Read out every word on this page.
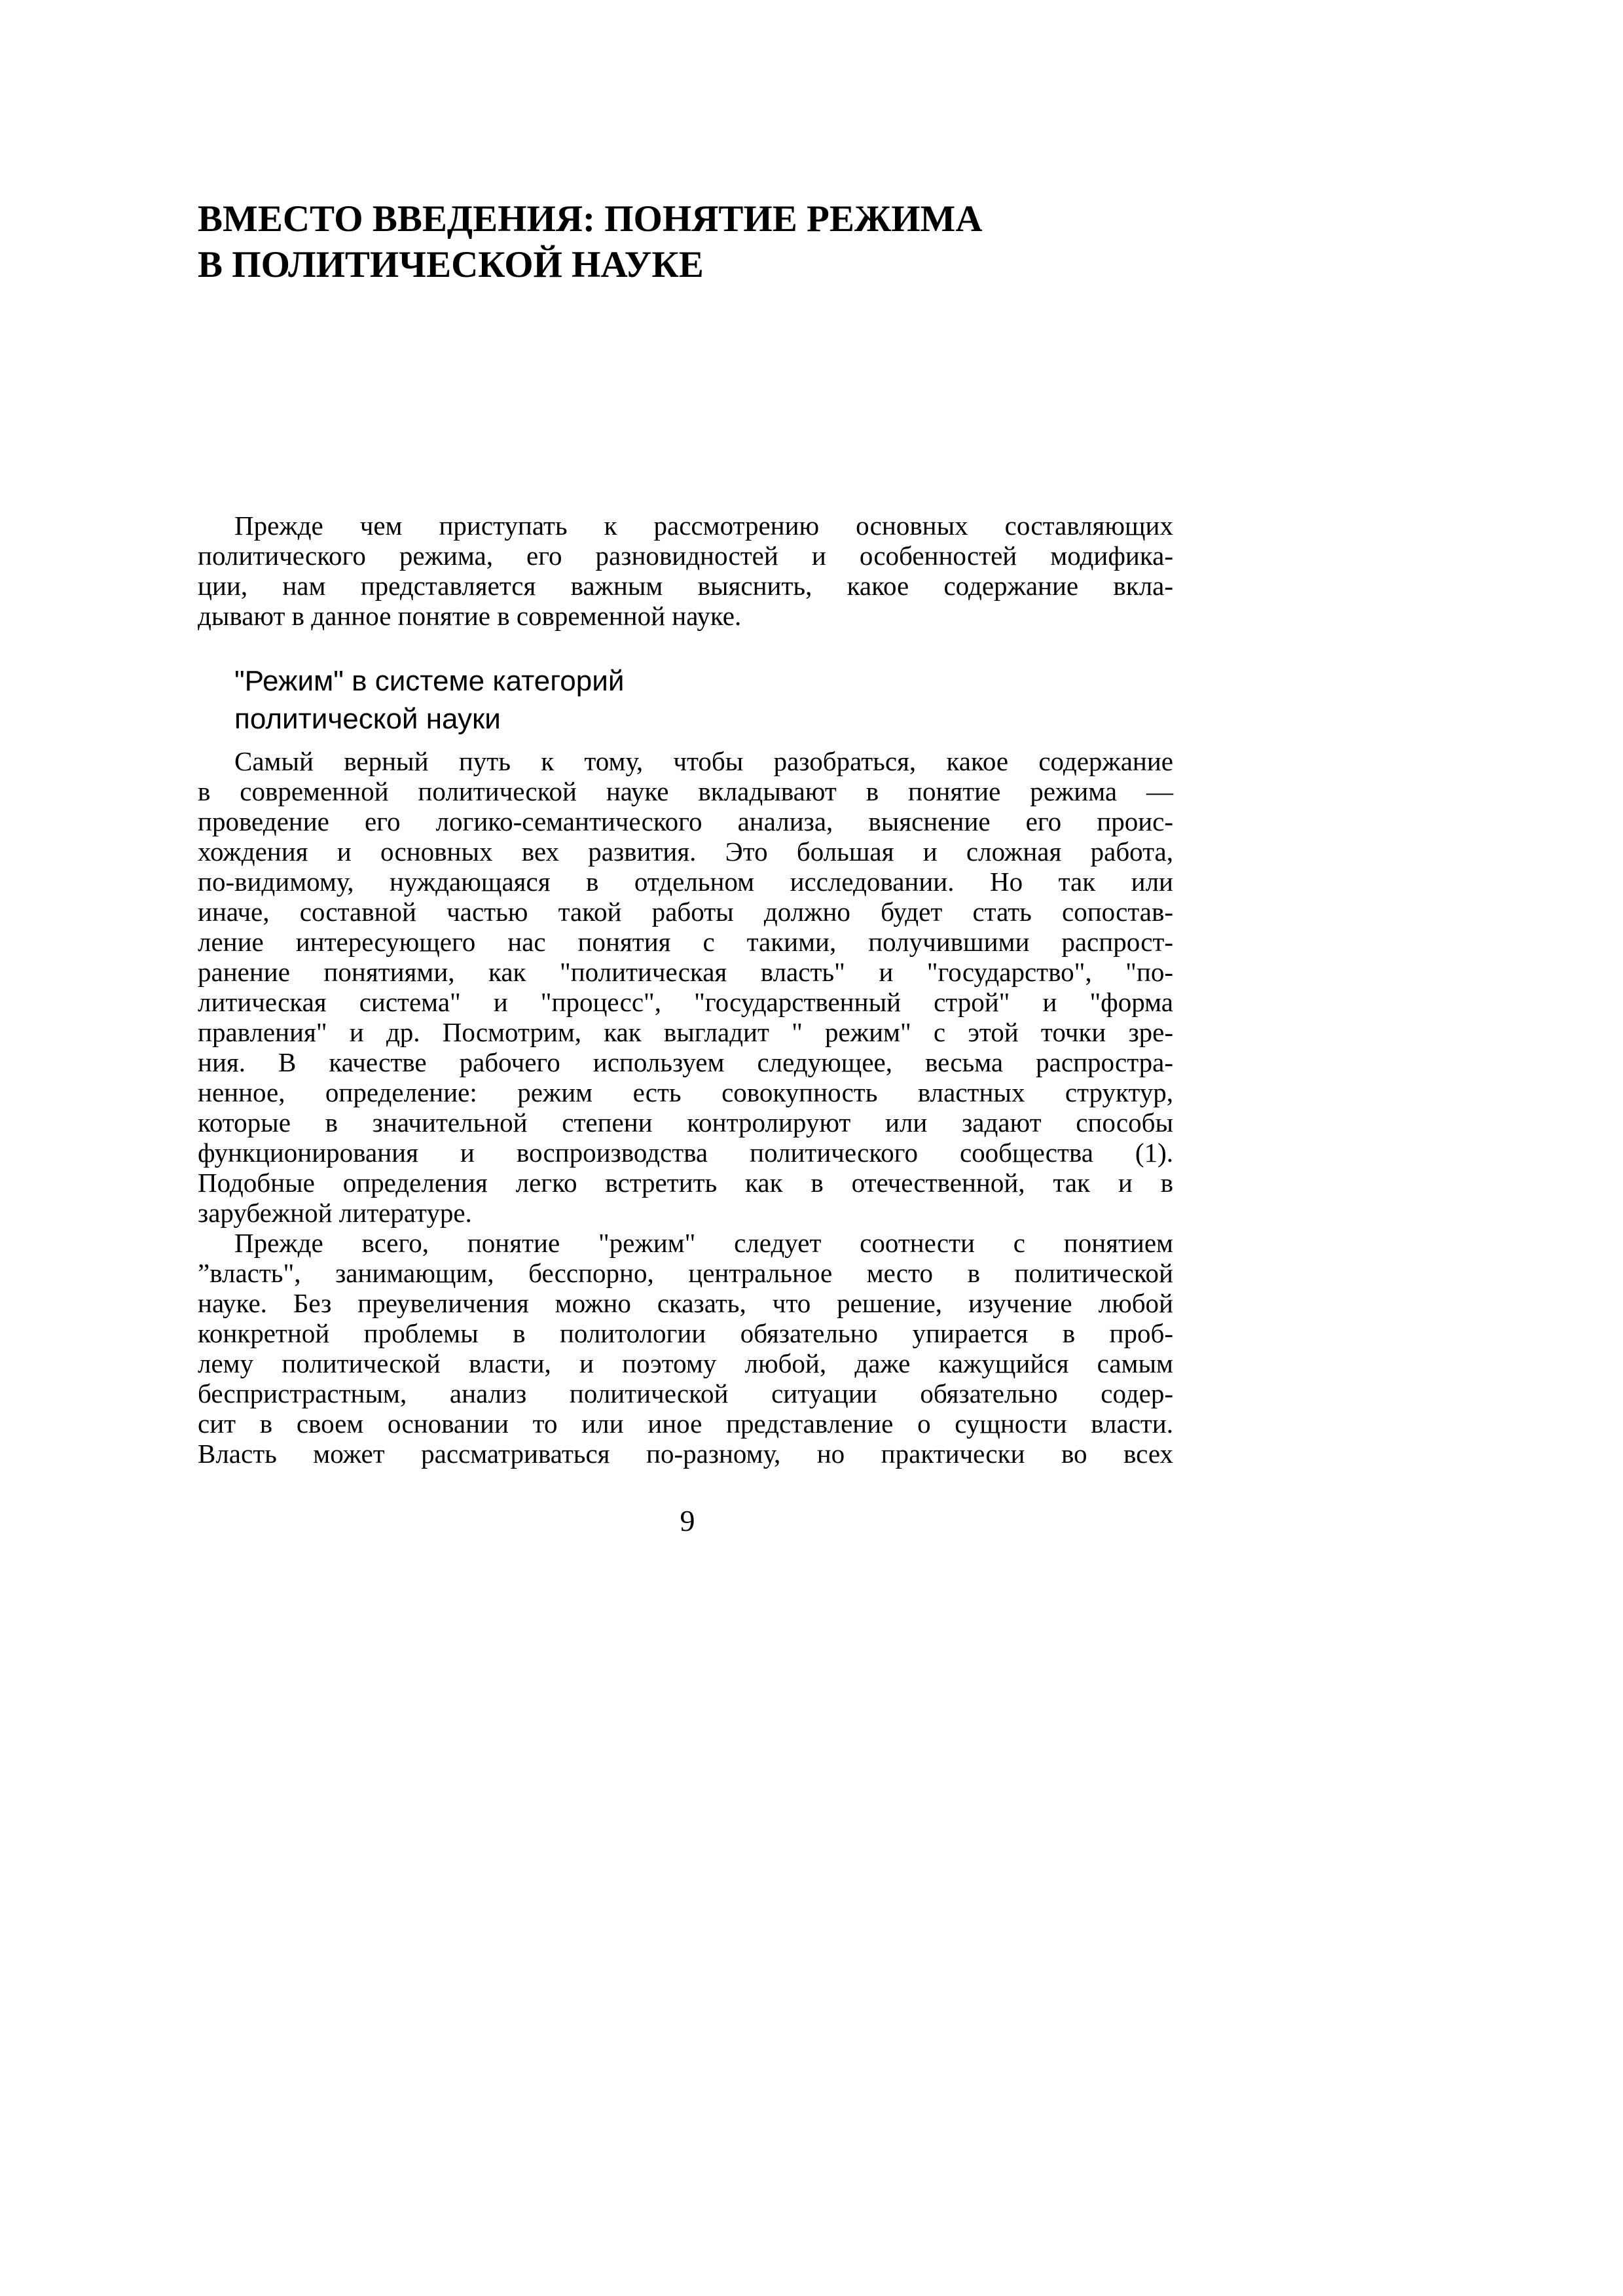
ВМЕСТО ВВЕДЕНИЯ: ПОНЯТИЕ РЕЖИМА
В ПОЛИТИЧЕСКОЙ НАУКЕ

Прежде чем приступать к рассмотрению основных составляющих
политического режима, его разновидностей и особенностей модифика-
ции, нам представляется важным выяснить, какое содержание вкла-
дывают в данное понятие в современной науке.

"Режим" в системе категорий
политической науки

Самый верный путь к тому, чтобы разобраться, какое содержание
в современной политической науке вкладывают в понятие режима —
проведение его логико-семантического анализа, выяснение его проис-
хождения и основных вех развития. Это большая и сложная работа,
по-видимому, нуждающаяся в отдельном исследовании. Но так или
иначе, составной частью такой работы должно будет стать сопостав-
ление интересующего нас понятия с такими, получившими распрост-
ранение понятиями, как "политическая власть" и "государство", "по-
литическая система" и "процесс", "государственный строй" и "форма
правления" и др. Посмотрим, как выгладит " режим" с этой точки зре-
ния. В качестве рабочего используем следующее, весьма распростра-
ненное, определение: режим есть совокупность властных структур,
которые в значительной степени контролируют или задают способы
функционирования и воспроизводства политического сообщества (1).
Подобные определения легко встретить как в отечественной, так и в
зарубежной литературе.

Прежде всего, понятие "режим" следует соотнести с понятием
”власть", занимающим, бесспорно, центральное место в политической
науке. Без преувеличения можно сказать, что решение, изучение любой
конкретной проблемы в политологии обязательно упирается в проб-
лему политической власти, и поэтому любой, даже кажущийся самым
беспристрастным, анализ политической ситуации обязательно содер-
сит в своем основании то или иное представление о сущности власти.
Власть может рассматриваться по-разному, но практически во всех

9
